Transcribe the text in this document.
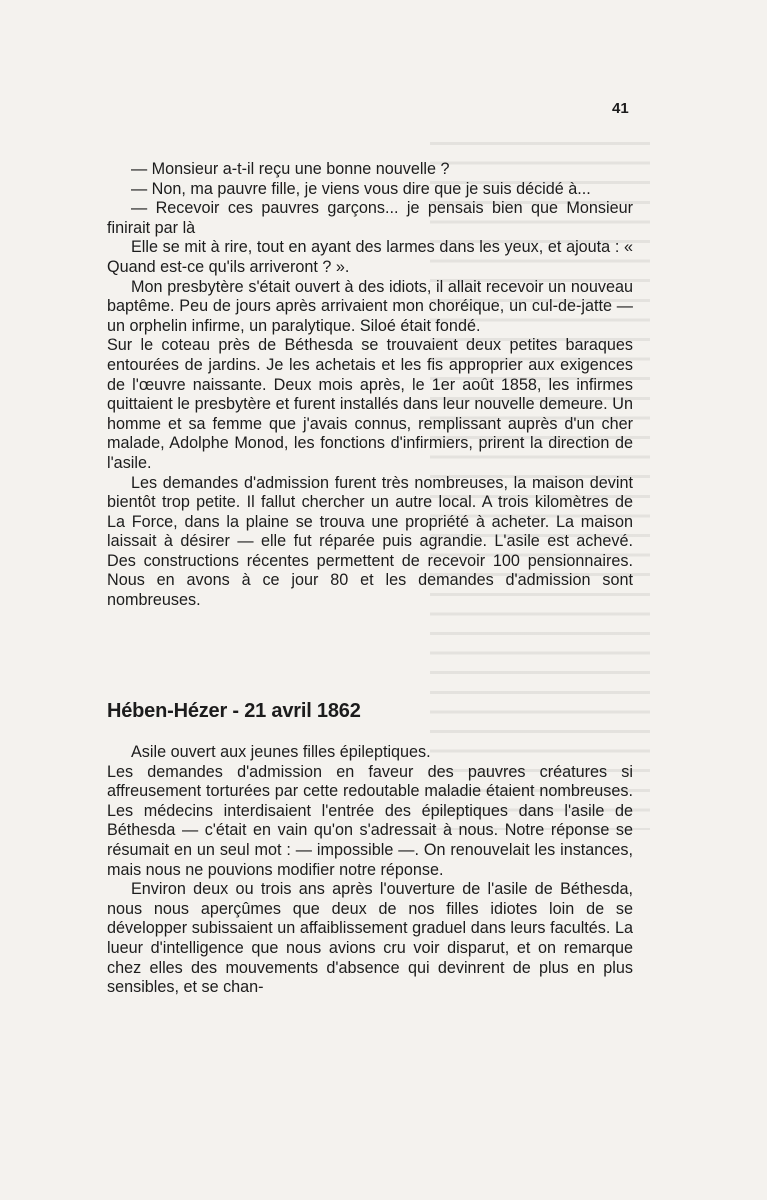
41

— Monsieur a-t-il reçu une bonne nouvelle ?

— Non, ma pauvre fille, je viens vous dire que je suis décidé à...

— Recevoir ces pauvres garçons... je pensais bien que Monsieur finirait par là

Elle se mit à rire, tout en ayant des larmes dans les yeux, et ajouta : « Quand est-ce qu'ils arriveront ? ».

Mon presbytère s'était ouvert à des idiots, il allait recevoir un nouveau baptême. Peu de jours après arrivaient mon choréique, un cul-de-jatte — un orphelin infirme, un paralytique. Siloé était fondé.

Sur le coteau près de Béthesda se trouvaient deux petites baraques entourées de jardins. Je les achetais et les fis approprier aux exigences de l'œuvre naissante. Deux mois après, le 1er août 1858, les infirmes quittaient le presbytère et furent installés dans leur nouvelle demeure. Un homme et sa femme que j'avais connus, remplissant auprès d'un cher malade, Adolphe Monod, les fonctions d'infirmiers, prirent la direction de l'asile.

Les demandes d'admission furent très nombreuses, la maison devint bientôt trop petite. Il fallut chercher un autre local. A trois kilomètres de La Force, dans la plaine se trouva une propriété à acheter. La maison laissait à désirer — elle fut réparée puis agrandie. L'asile est achevé. Des constructions récentes permettent de recevoir 100 pensionnaires. Nous en avons à ce jour 80 et les demandes d'admission sont nombreuses.

Hében-Hézer - 21 avril 1862

Asile ouvert aux jeunes filles épileptiques.

Les demandes d'admission en faveur des pauvres créatures si affreusement torturées par cette redoutable maladie étaient nombreuses. Les médecins interdisaient l'entrée des épileptiques dans l'asile de Béthesda — c'était en vain qu'on s'adressait à nous. Notre réponse se résumait en un seul mot : — impossible —. On renouvelait les instances, mais nous ne pouvions modifier notre réponse.

Environ deux ou trois ans après l'ouverture de l'asile de Béthesda, nous nous aperçûmes que deux de nos filles idiotes loin de se développer subissaient un affaiblissement graduel dans leurs facultés. La lueur d'intelligence que nous avions cru voir disparut, et on remarque chez elles des mouvements d'absence qui devinrent de plus en plus sensibles, et se chan-
